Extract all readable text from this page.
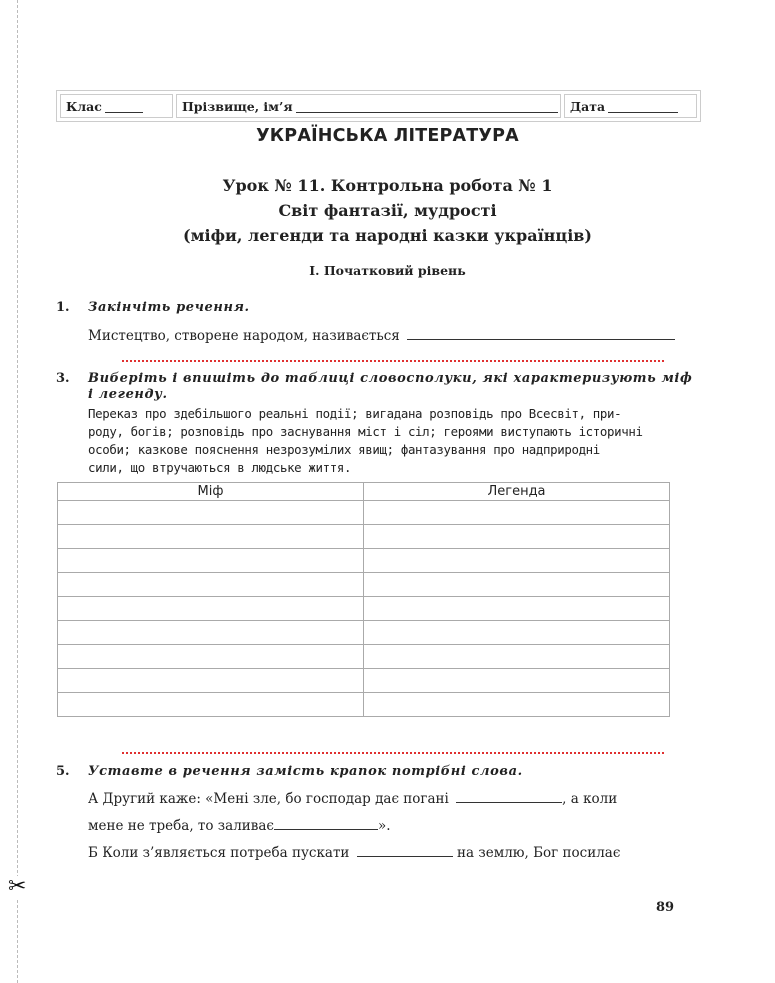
✂
Клас	Прізвище, ім’я	Дата
УКРАЇНСЬКА ЛІТЕРАТУРА
Урок № 11. Контрольна робота № 1
Світ фантазії, мудрості
(міфи, легенди та народні казки українців)
І. Початковий рівень
1. Закінчіть речення.
Мистецтво, створене народом, називається
3. Виберіть і впишіть до таблиці словосполуки, які характеризують міф
і легенду.
Переказ про здебільшого реальні події; вигадана розповідь про Всесвіт, при-
роду, богів; розповідь про заснування міст і сіл; героями виступають історичні
особи; казкове пояснення незрозумілих явищ; фантазування про надприродні
сили, що втручаються в людське життя.
Міф	Легенда

5. Уставте в речення замість крапок потрібні слова.
А Другий каже: «Мені зле, бо господар дає погані	, а коли
мене не треба, то заливає	».
Б Коли з’являється потреба пускати	на землю, Бог посилає
89
